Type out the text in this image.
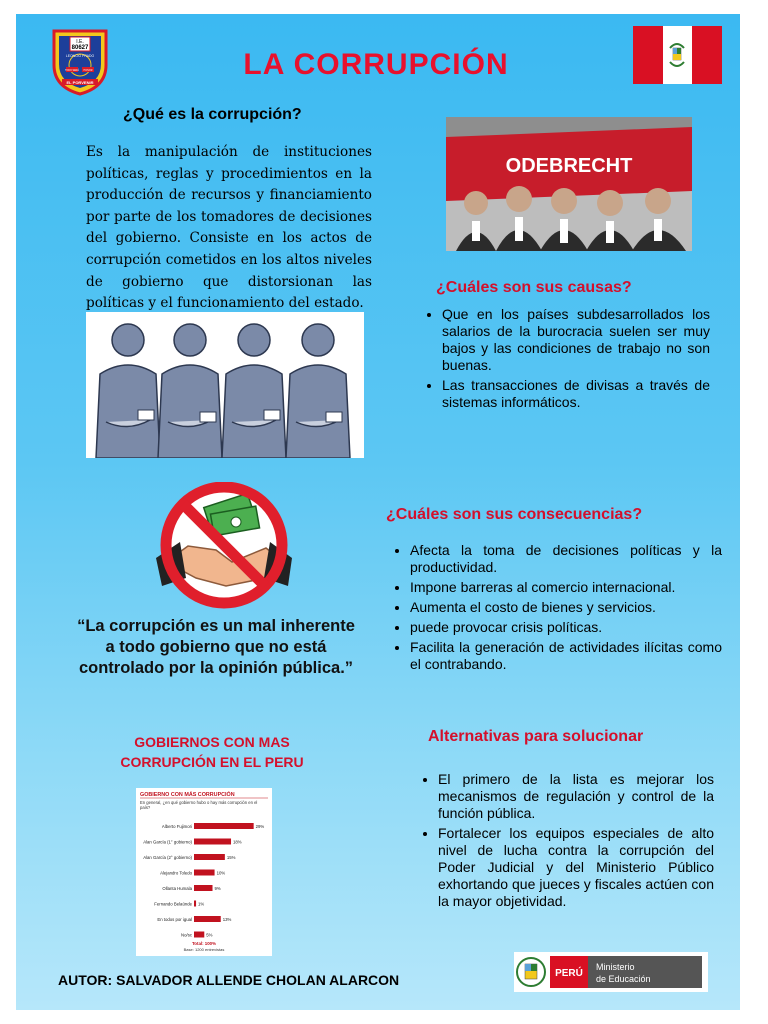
I.E.
80627
LEONCIO PRADO
TODO SERÁ HONOR
EL PORVENIR
LA CORRUPCIÓN
¿Qué es la corrupción?
Es la manipulación de instituciones políticas, reglas y procedimientos en la producción de recursos y financiamiento por parte de los tomadores de decisiones del gobierno. Consiste en los actos de corrupción cometidos en los altos niveles de gobierno que distorsionan las políticas y el funcionamiento del estado.
ODEBRECHT
¿Cuáles son sus causas?
• Que en los países subdesarrollados los salarios de la burocracia suelen ser muy bajos y las condiciones de trabajo no son buenas.
• Las transacciones de divisas a través de sistemas informáticos.
¿Cuáles son sus consecuencias?
• Afecta la toma de decisiones políticas y la productividad.
• Impone barreras al comercio internacional.
• Aumenta el costo de bienes y servicios.
• puede provocar crisis políticas.
• Facilita la generación de actividades ilícitas como el contrabando.
“La corrupción es un mal inherente a todo gobierno que no está controlado por la opinión pública.”
GOBIERNOS CON MAS
CORRUPCIÓN EN EL PERU
GOBIERNO CON MÁS CORRUPCIÓN
En general, ¿en qué gobierno hubo o hay más corrupción en el país?
Alberto Fujimori	29%
Alan García (1° gobierno)	18%
Alan García (2° gobierno)	15%
Alejandro Toledo	10%
Ollanta Humala	9%
Fernando Belaúnde 1%
En todos por igual	13%
No/sc	5%
Total: 100%
Base: 1200 entrevistas
Alternativas para solucionar
• El primero de la lista es mejorar los mecanismos de regulación y control de la función pública.
• Fortalecer los equipos especiales de alto nivel de lucha contra la corrupción del Poder Judicial y del Ministerio Público exhortando que jueces y fiscales actúen con la mayor objetividad.
AUTOR: SALVADOR ALLENDE CHOLAN ALARCON	PERÚ
Ministerio
de Educación
